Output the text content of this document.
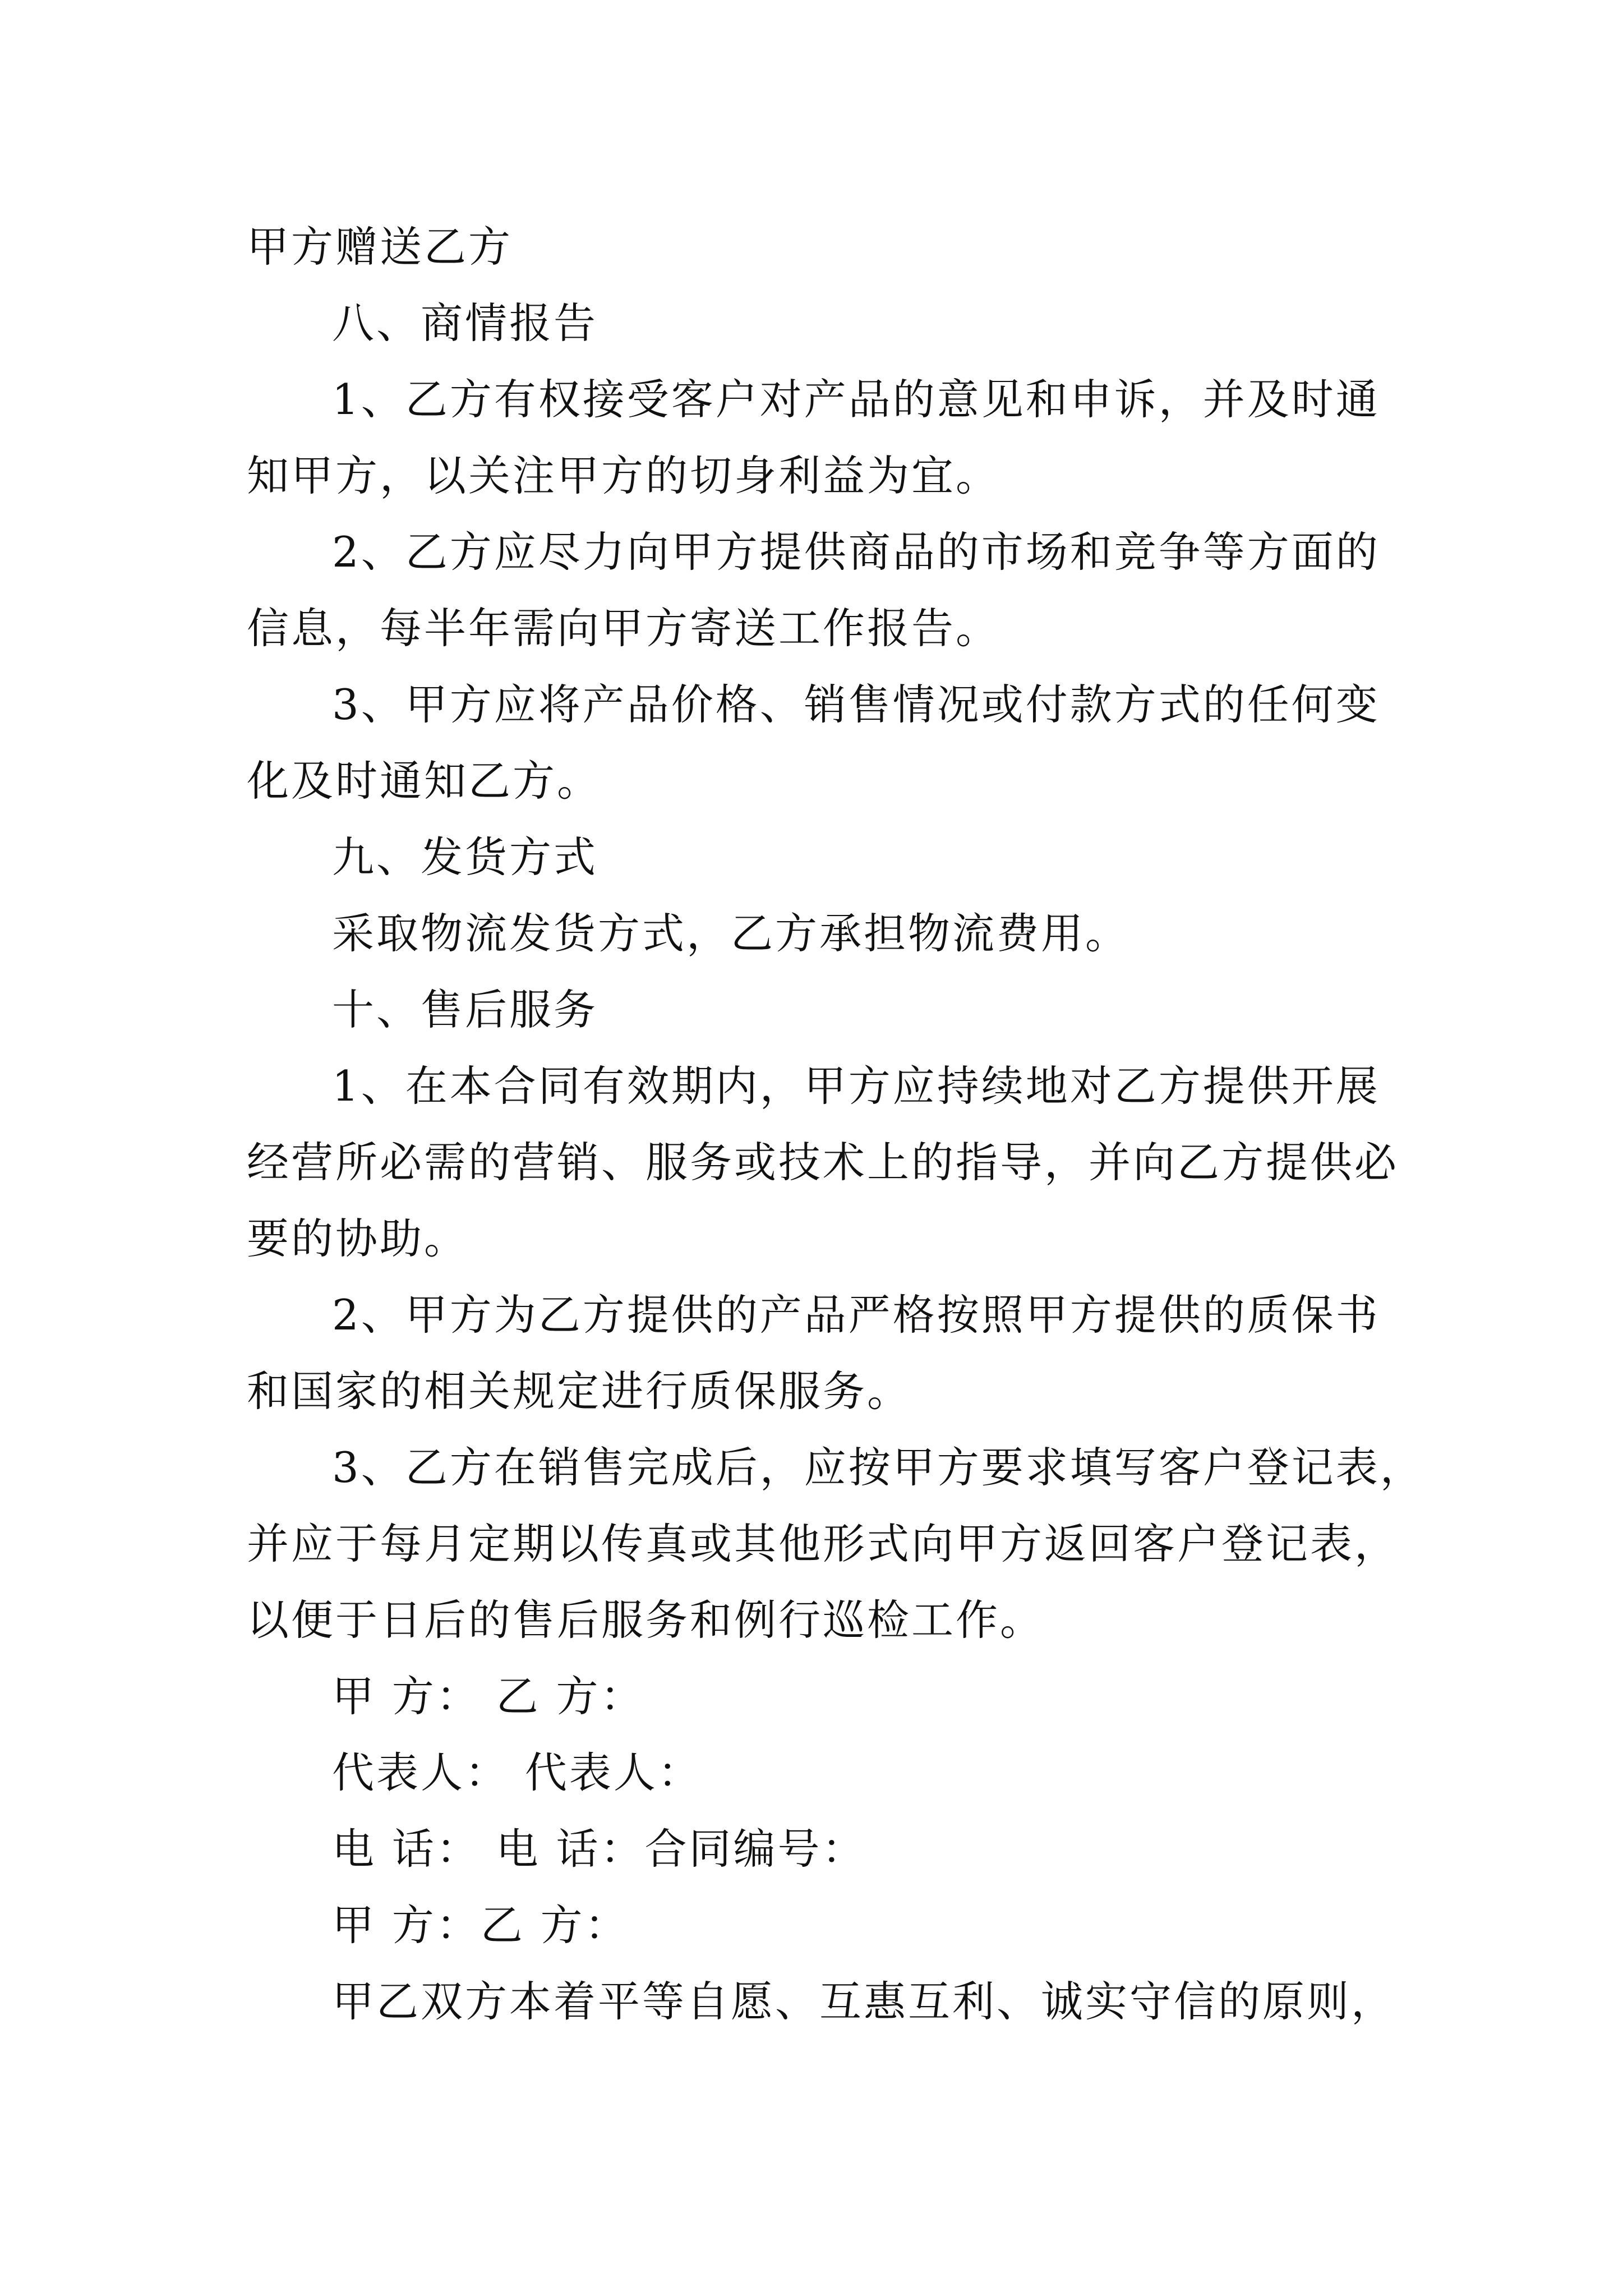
甲方赠送乙方

八、商情报告

1、乙方有权接受客户对产品的意见和申诉，并及时通

知甲方，以关注甲方的切身利益为宜。

2、乙方应尽力向甲方提供商品的市场和竞争等方面的

信息，每半年需向甲方寄送工作报告。

3、甲方应将产品价格、销售情况或付款方式的任何变

化及时通知乙方。

九、发货方式

采取物流发货方式，乙方承担物流费用。

十、售后服务

1、在本合同有效期内，甲方应持续地对乙方提供开展

经营所必需的营销、服务或技术上的指导，并向乙方提供必

要的协助。

2、甲方为乙方提供的产品严格按照甲方提供的质保书

和国家的相关规定进行质保服务。

3、乙方在销售完成后，应按甲方要求填写客户登记表，

并应于每月定期以传真或其他形式向甲方返回客户登记表，

以便于日后的售后服务和例行巡检工作。

甲 方： 乙 方：

代表人： 代表人：

电 话： 电 话：合同编号：

甲 方：乙 方：

甲乙双方本着平等自愿、互惠互利、诚实守信的原则，
